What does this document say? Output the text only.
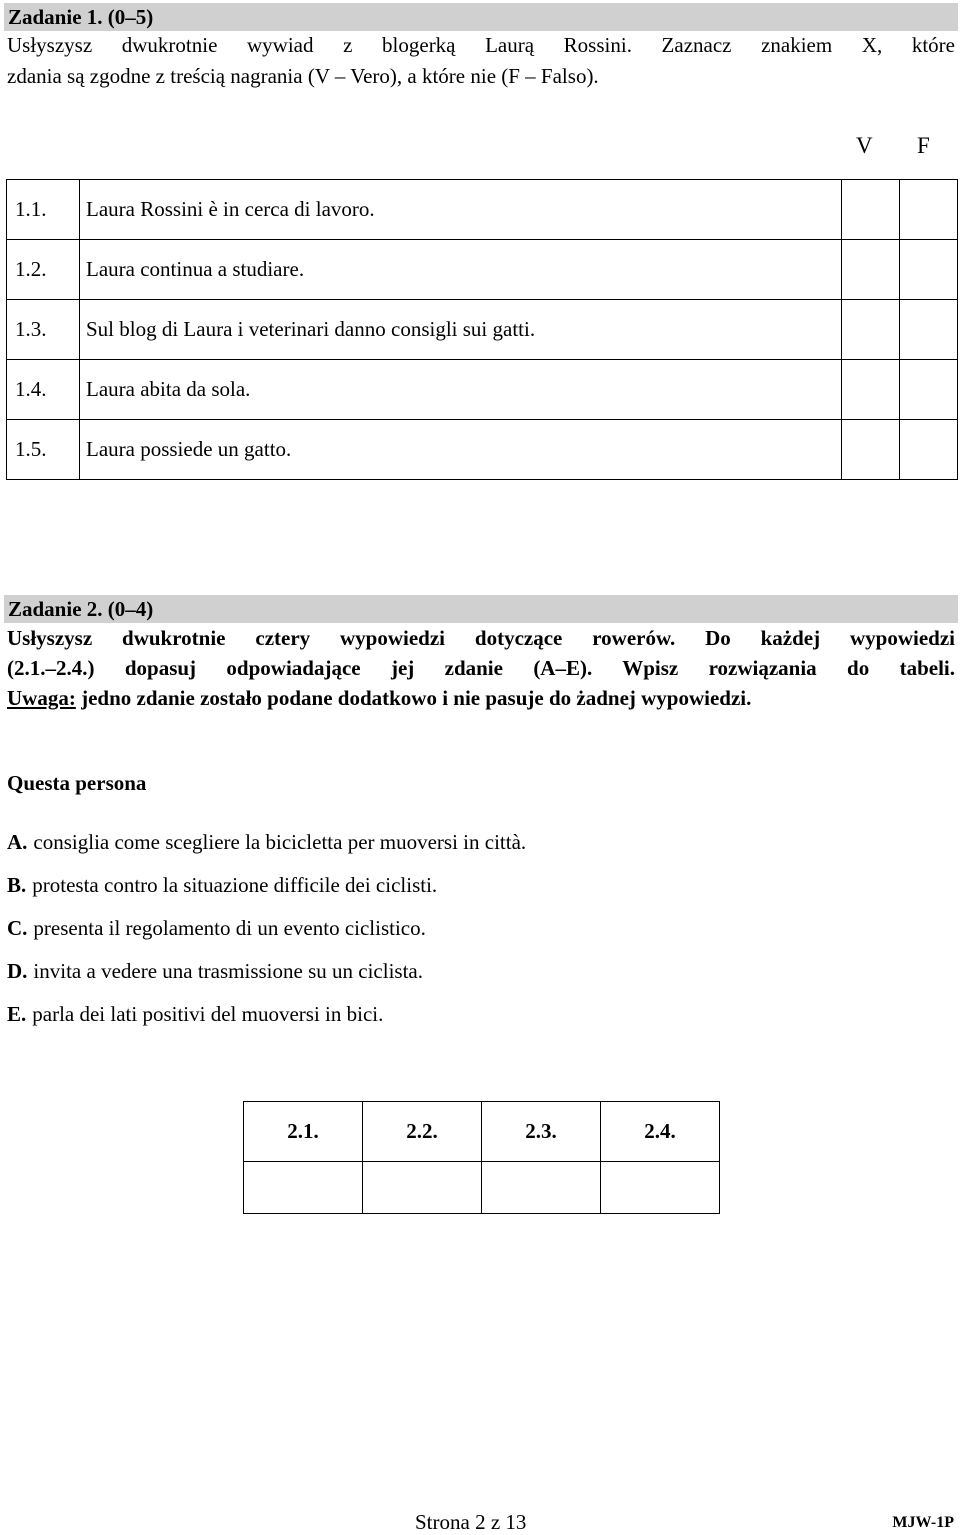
Zadanie 1. (0–5)
Usłyszysz dwukrotnie wywiad z blogerką Laurą Rossini. Zaznacz znakiem X, które
zdania są zgodne z treścią nagrania (V – Vero), a które nie (F – Falso).
V F
1.1.	Laura Rossini è in cerca di lavoro.		
1.2.	Laura continua a studiare.		
1.3.	Sul blog di Laura i veterinari danno consigli sui gatti.		
1.4.	Laura abita da sola.		
1.5.	Laura possiede un gatto.		
Zadanie 2. (0–4)
Usłyszysz dwukrotnie cztery wypowiedzi dotyczące rowerów. Do każdej wypowiedzi
(2.1.–2.4.) dopasuj odpowiadające jej zdanie (A–E). Wpisz rozwiązania do tabeli.
Uwaga: jedno zdanie zostało podane dodatkowo i nie pasuje do żadnej wypowiedzi.
Questa persona
A. consiglia come scegliere la bicicletta per muoversi in città.
B. protesta contro la situazione difficile dei ciclisti.
C. presenta il regolamento di un evento ciclistico.
D. invita a vedere una trasmissione su un ciclista.
E. parla dei lati positivi del muoversi in bici.
2.1.	2.2.	2.3.	2.4.

Strona 2 z 13	MJW-1P
